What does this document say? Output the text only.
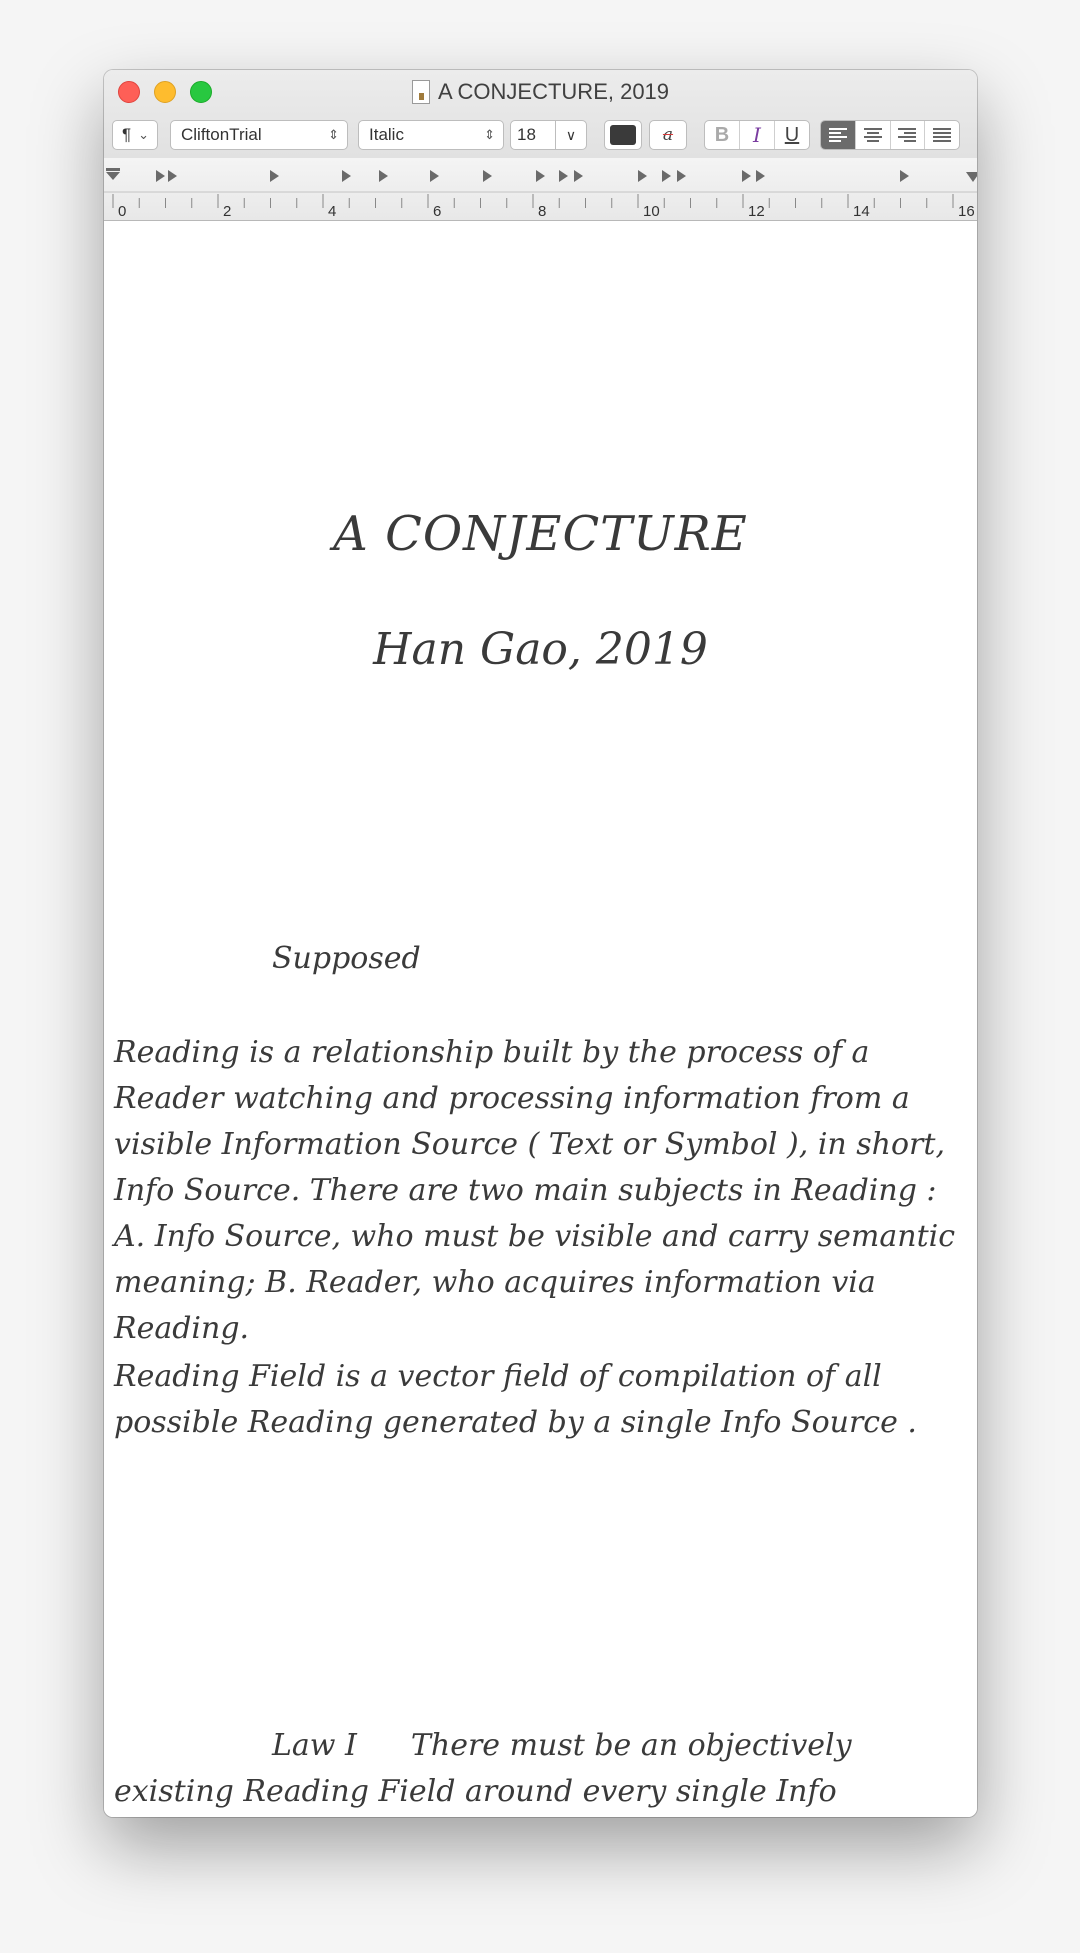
A CONJECTURE, 2019
¶ ⌄	CliftonTrial	⇕	Italic	⇕	18	∨	a	B	I	U
0	2	4	6	8	10	12	14	16
A CONJECTURE
Han Gao, 2019
Supposed
Reading is a relationship built by the process of a Reader watching and processing information from a visible Information Source ( Text or Symbol ), in short, Info Source. There are two main subjects in Reading : A. Info Source, who must be visible and carry semantic meaning; B. Reader, who acquires information via Reading.
Reading Field is a vector field of compilation of all possible Reading generated by a single Info Source .
Law I There must be an objectively existing Reading Field around every single Info
